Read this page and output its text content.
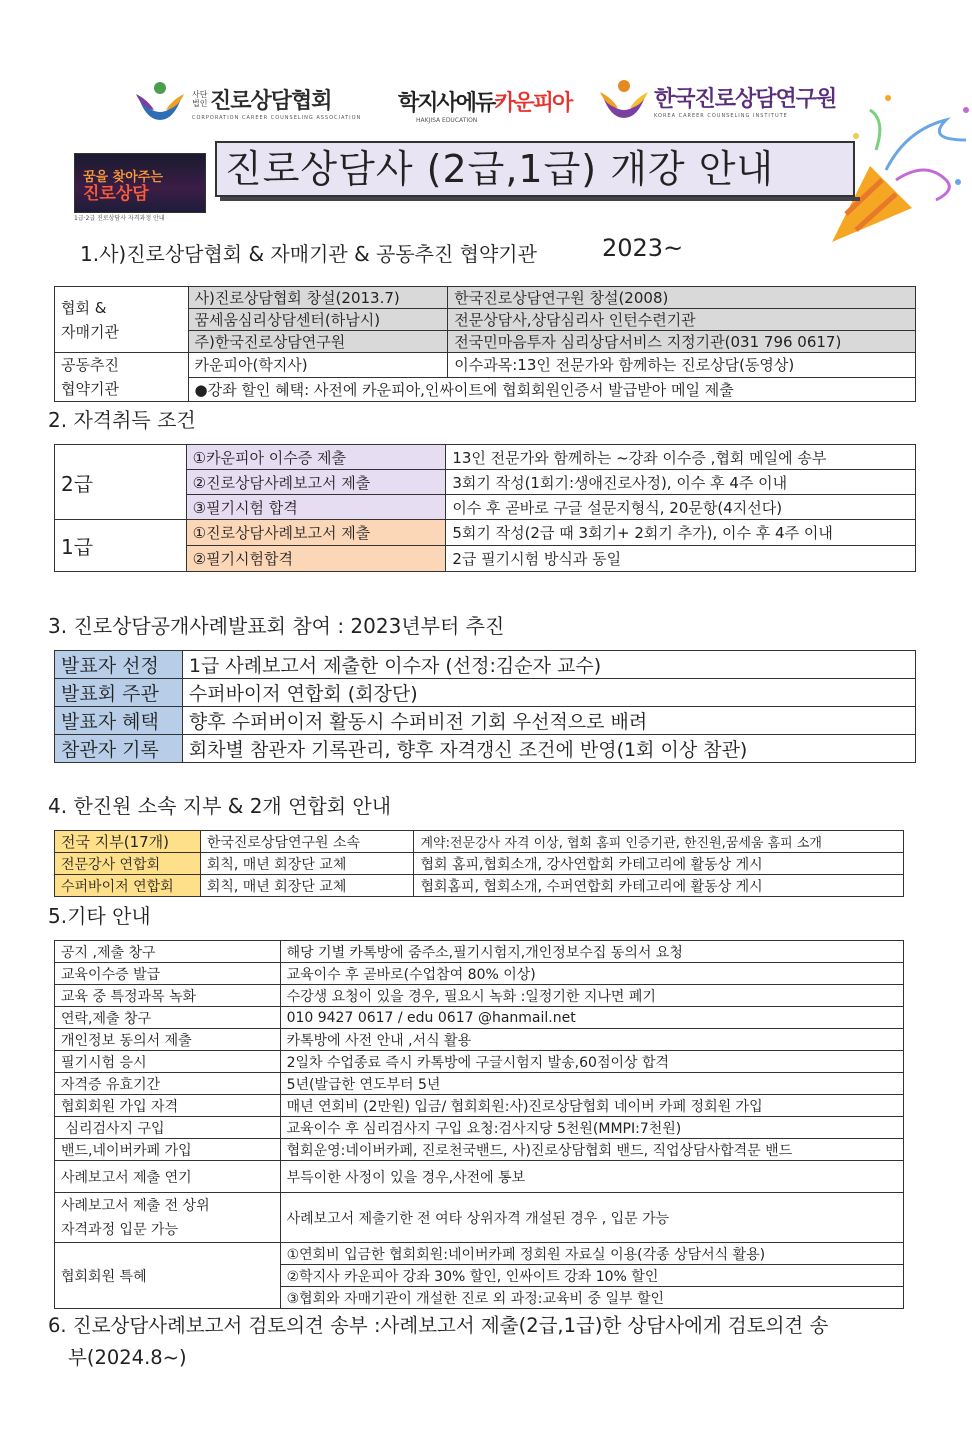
사단법인 진로상담협회
CORPORATION CAREER COUNSELING ASSOCIATION
학지사에듀 카운피아
HAKJISA EDUCATION
한국진로상담연구원
KOREA CAREER COUNSELING INSTITUTE
꿈을 찾아주는
진로상담
1급·2급 진로상담사 자격과정 안내
진로상담사 (2급,1급) 개강 안내
1.사)진로상담협회 & 자매기관 & 공동추진 협약기관	2023~
협회 &
자매기관	사)진로상담협회 창설(2013.7)	한국진로상담연구원 창설(2008)
	꿈세움심리상담센터(하남시)	전문상담사,상담심리사 인턴수련기관
	주)한국진로상담연구원	전국민마음투자 심리상담서비스 지정기관(031 796 0617)
공동추진
협약기관	카운피아(학지사)	이수과목:13인 전문가와 함께하는 진로상담(동영상)
	●강좌 할인 혜택: 사전에 카운피아,인싸이트에 협회회원인증서 발급받아 메일 제출	
2. 자격취득 조건
2급	①카운피아 이수증 제출	13인 전문가와 함께하는 ~강좌 이수증 ,협회 메일에 송부
	②진로상담사례보고서 제출	3회기 작성(1회기:생애진로사정), 이수 후 4주 이내
	③필기시험 합격	이수 후 곧바로 구글 설문지형식, 20문항(4지선다)
1급	①진로상담사례보고서 제출	5회기 작성(2급 때 3회기+ 2회기 추가), 이수 후 4주 이내
	②필기시험합격	2급 필기시험 방식과 동일
3. 진로상담공개사례발표회 참여 : 2023년부터 추진
발표자 선정	1급 사례보고서 제출한 이수자 (선정:김순자 교수)
발표회 주관	수퍼바이저 연합회 (회장단)
발표자 혜택	향후 수퍼버이저 활동시 수퍼비전 기회 우선적으로 배려
참관자 기록	회차별 참관자 기록관리, 향후 자격갱신 조건에 반영(1회 이상 참관)
4. 한진원 소속 지부 & 2개 연합회 안내
전국 지부(17개)	한국진로상담연구원 소속	계약:전문강사 자격 이상, 협회 홈피 인증기관, 한진원,꿈세움 홈피 소개
전문강사 연합회	회칙, 매년 회장단 교체	협회 홈피,협회소개, 강사연합회 카테고리에 활동상 게시
수퍼바이저 연합회	회칙, 매년 회장단 교체	협회홈피, 협회소개, 수퍼연합회 카테고리에 활동상 게시
5.기타 안내
공지 ,제출 창구	해당 기별 카톡방에 줌주소,필기시험지,개인정보수집 동의서 요청
교육이수증 발급	교육이수 후 곧바로(수업참여 80% 이상)
교육 중 특정과목 녹화	수강생 요청이 있을 경우, 필요시 녹화 :일정기한 지나면 폐기
연락,제출 창구	010 9427 0617 / edu 0617 @hanmail.net
개인정보 동의서 제출	카톡방에 사전 안내 ,서식 활용
필기시험 응시	2일차 수업종료 즉시 카톡방에 구글시험지 발송,60점이상 합격
자격증 유효기간	5년(발급한 연도부터 5년
협회회원 가입 자격	매년 연회비 (2만원) 입금/ 협회회원:사)진로상담협회 네이버 카페 정회원 가입
심리검사지 구입	교육이수 후 심리검사지 구입 요청:검사지당 5천원(MMPI:7천원)
밴드,네이버카페 가입	협회운영:네이버카페, 진로천국밴드, 사)진로상담협회 밴드, 직업상담사합격문 밴드
사례보고서 제출 연기	부득이한 사정이 있을 경우,사전에 통보
사례보고서 제출 전 상위
자격과정 입문 가능	사례보고서 제출기한 전 여타 상위자격 개설된 경우 , 입문 가능
협회회원 특혜	①연회비 입금한 협회회원:네이버카페 정회원 자료실 이용(각종 상담서식 활용)
	②학지사 카운피아 강좌 30% 할인, 인싸이트 강좌 10% 할인
	③협회와 자매기관이 개설한 진로 외 과정:교육비 중 일부 할인
6. 진로상담사례보고서 검토의견 송부 :사례보고서 제출(2급,1급)한 상담사에게 검토의견 송
부(2024.8~)
